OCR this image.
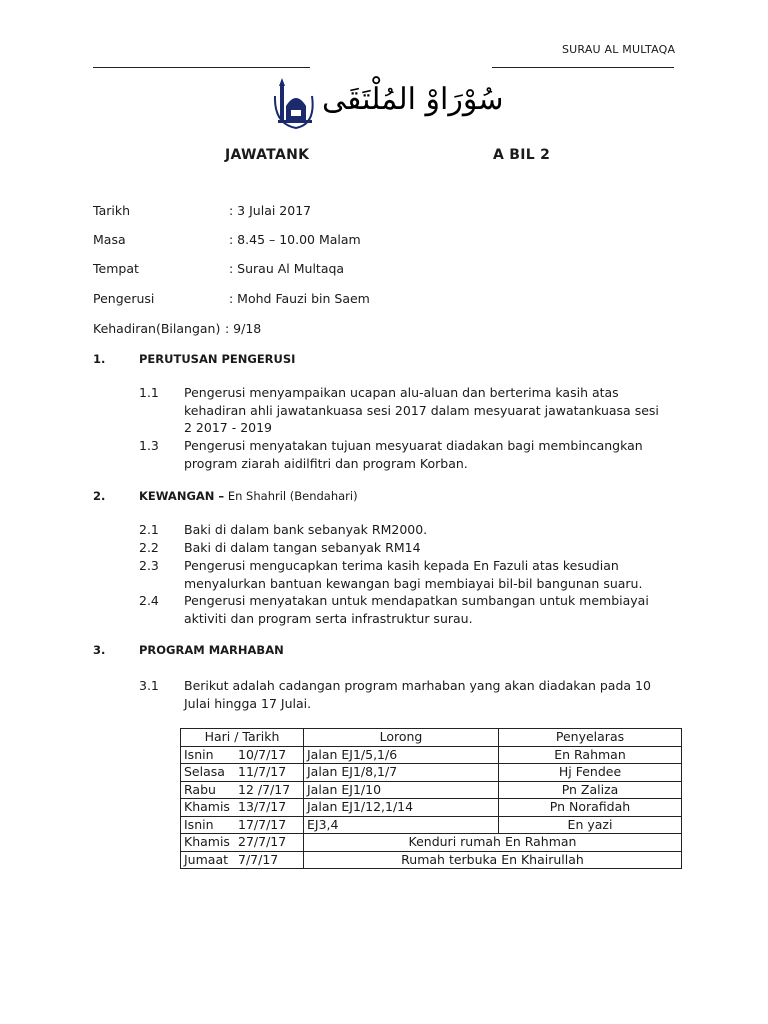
SURAU AL MULTAQA
سُوْرَاوْ المُلْتَقَى
JAWATANK	A BIL 2
Tarikh	: 3 Julai 2017
Masa	: 8.45 – 10.00 Malam
Tempat	: Surau Al Multaqa
Pengerusi	: Mohd Fauzi bin Saem
Kehadiran(Bilangan) : 9/18
1.	PERUTUSAN PENGERUSI
1.1 Pengerusi menyampaikan ucapan alu-aluan dan berterima kasih atas kehadiran ahli jawatankuasa sesi 2017 dalam mesyuarat jawatankuasa sesi 2 2017 - 2019
1.3 Pengerusi menyatakan tujuan mesyuarat diadakan bagi membincangkan program ziarah aidilfitri dan program Korban.
2.	KEWANGAN – En Shahril (Bendahari)
2.1 Baki di dalam bank sebanyak RM2000.
2.2 Baki di dalam tangan sebanyak RM14
2.3 Pengerusi mengucapkan terima kasih kepada En Fazuli atas kesudian menyalurkan bantuan kewangan bagi membiayai bil-bil bangunan suaru.
2.4 Pengerusi menyatakan untuk mendapatkan sumbangan untuk membiayai aktiviti dan program serta infrastruktur surau.
3.	PROGRAM MARHABAN
3.1 Berikut adalah cadangan program marhaban yang akan diadakan pada 10 Julai hingga 17 Julai.
Hari / Tarikh	Lorong	Penyelaras
Isnin 10/7/17	Jalan EJ1/5,1/6	En Rahman
Selasa 11/7/17	Jalan EJ1/8,1/7	Hj Fendee
Rabu 12 /7/17	Jalan EJ1/10	Pn Zaliza
Khamis 13/7/17	Jalan EJ1/12,1/14	Pn Norafidah
Isnin 17/7/17	EJ3,4	En yazi
Khamis 27/7/17	Kenduri rumah En Rahman	
Jumaat 7/7/17	Rumah terbuka En Khairullah	
